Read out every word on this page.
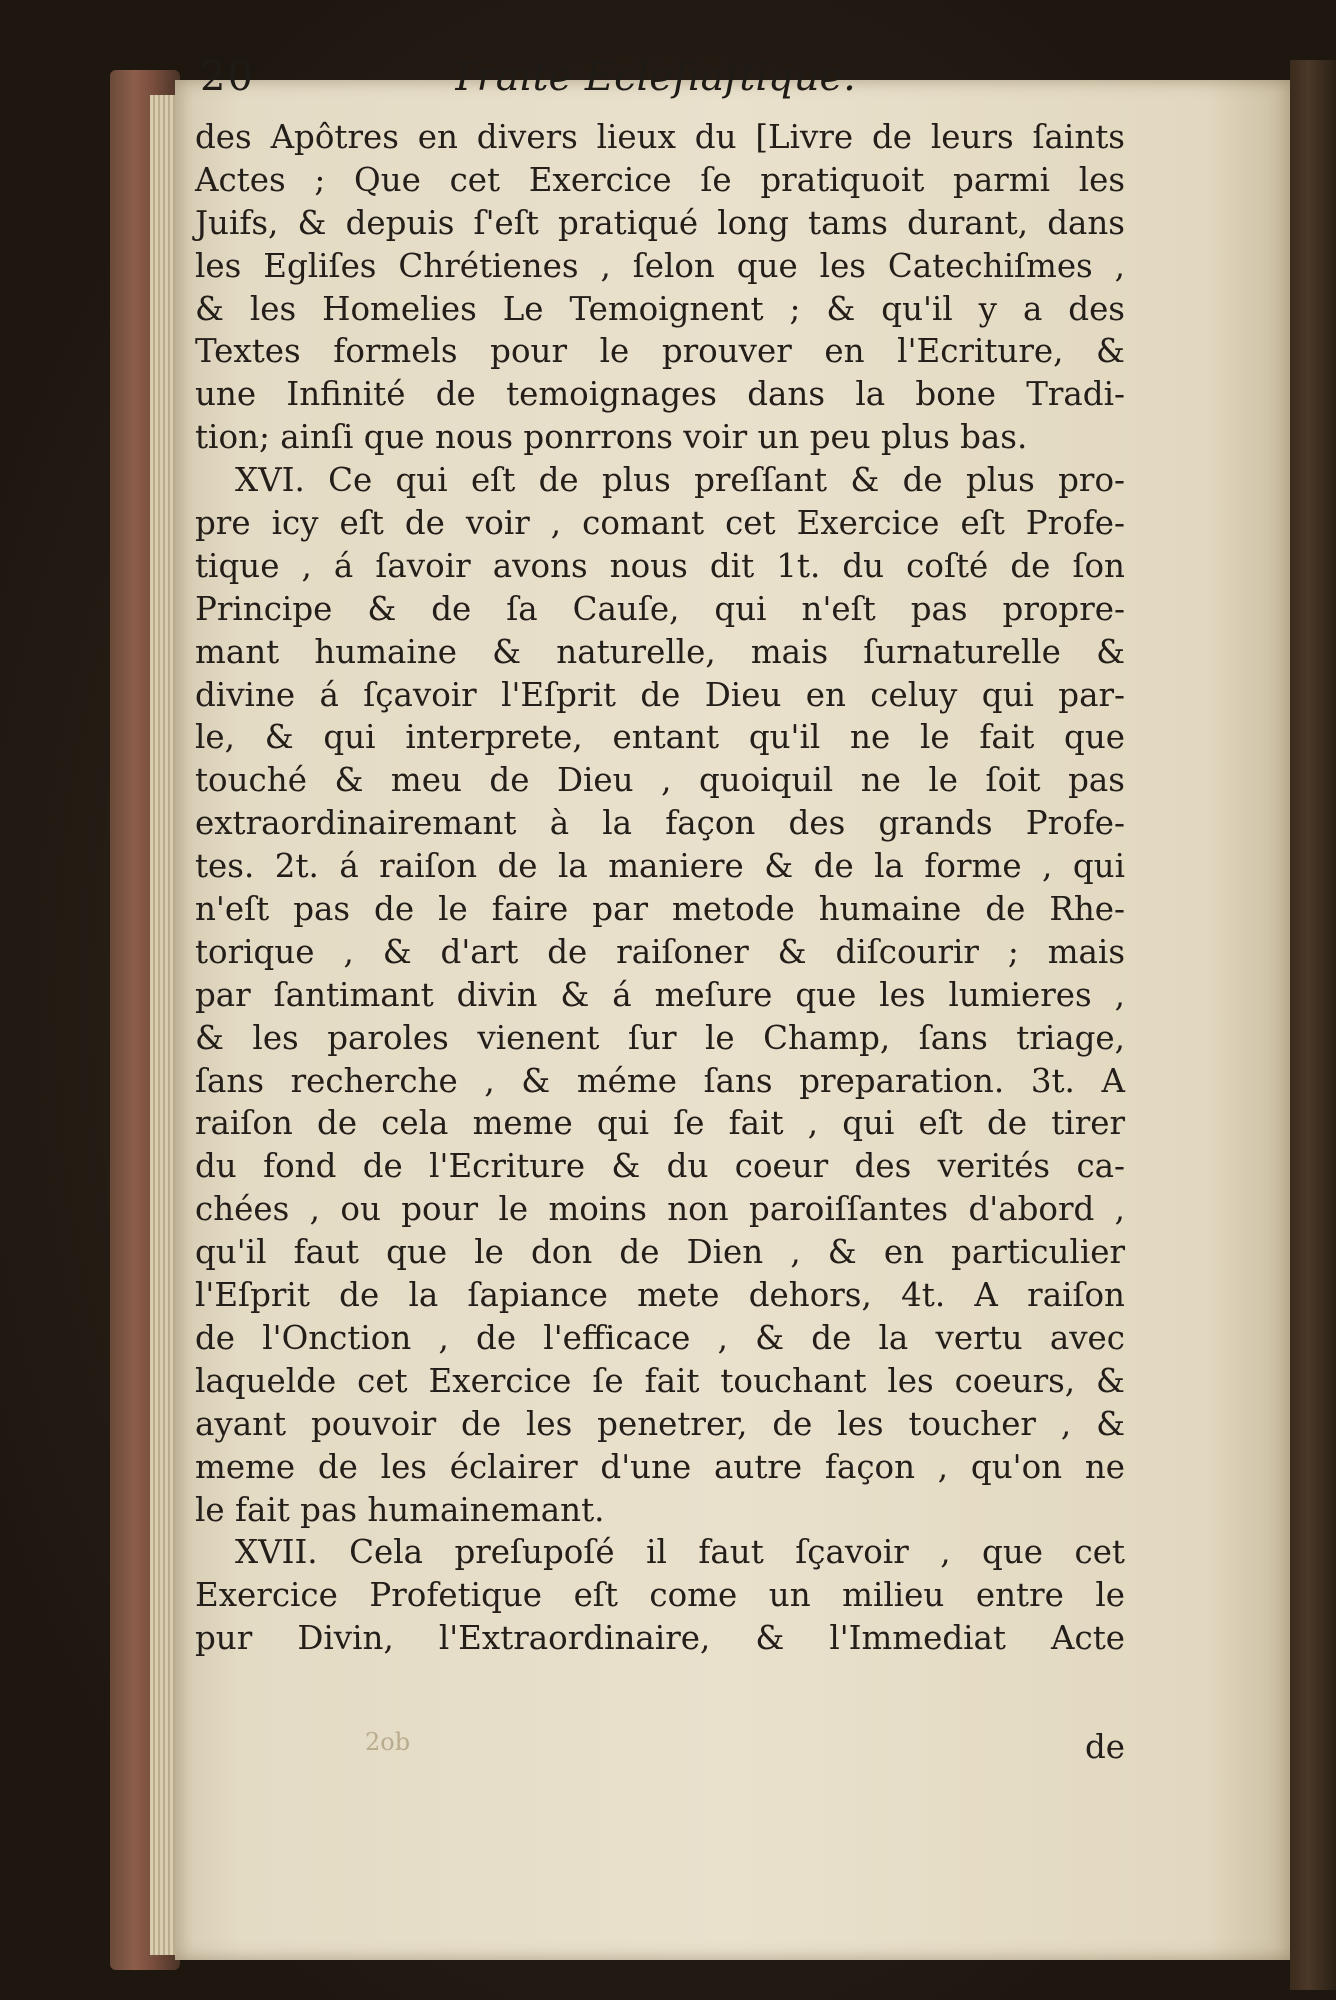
20	Traité Ecleſiaſtique.
des Apôtres en divers lieux du [Livre de leurs ſaints
Actes ; Que cet Exercice ſe pratiquoit parmi les
Juifs, & depuis ſ'eſt pratiqué long tams durant, dans
les Egliſes Chrétienes , ſelon que les Catechiſmes ,
& les Homelies Le Temoignent ; & qu'il y a des
Textes formels pour le prouver en l'Ecriture, &
une Infinité de temoignages dans la bone Tradi-
tion; ainſi que nous ponrrons voir un peu plus bas.
XVI. Ce qui eſt de plus preſſant & de plus pro-
pre icy eſt de voir , comant cet Exercice eſt Profe-
tique , á ſavoir avons nous dit 1t. du coſté de ſon
Principe & de ſa Cauſe, qui n'eſt pas propre-
mant humaine & naturelle, mais ſurnaturelle &
divine á ſçavoir l'Eſprit de Dieu en celuy qui par-
le, & qui interprete, entant qu'il ne le fait que
touché & meu de Dieu , quoiquil ne le ſoit pas
extraordinairemant à la façon des grands Profe-
tes. 2t. á raiſon de la maniere & de la forme , qui
n'eſt pas de le faire par metode humaine de Rhe-
torique , & d'art de raiſoner & diſcourir ; mais
par ſantimant divin & á meſure que les lumieres ,
& les paroles vienent ſur le Champ, ſans triage,
ſans recherche , & méme ſans preparation. 3t. A
raiſon de cela meme qui ſe fait , qui eſt de tirer
du fond de l'Ecriture & du coeur des verités ca-
chées , ou pour le moins non paroiſſantes d'abord ,
qu'il faut que le don de Dien , & en particulier
l'Eſprit de la ſapiance mete dehors, 4t. A raiſon
de l'Onction , de l'efficace , & de la vertu avec
laquelde cet Exercice ſe fait touchant les coeurs, &
ayant pouvoir de les penetrer, de les toucher , &
meme de les éclairer d'une autre façon , qu'on ne
le fait pas humainemant.
XVII. Cela preſupoſé il faut ſçavoir , que cet
Exercice Profetique eſt come un milieu entre le
pur Divin, l'Extraordinaire, & l'Immediat Acte
2ob	de
